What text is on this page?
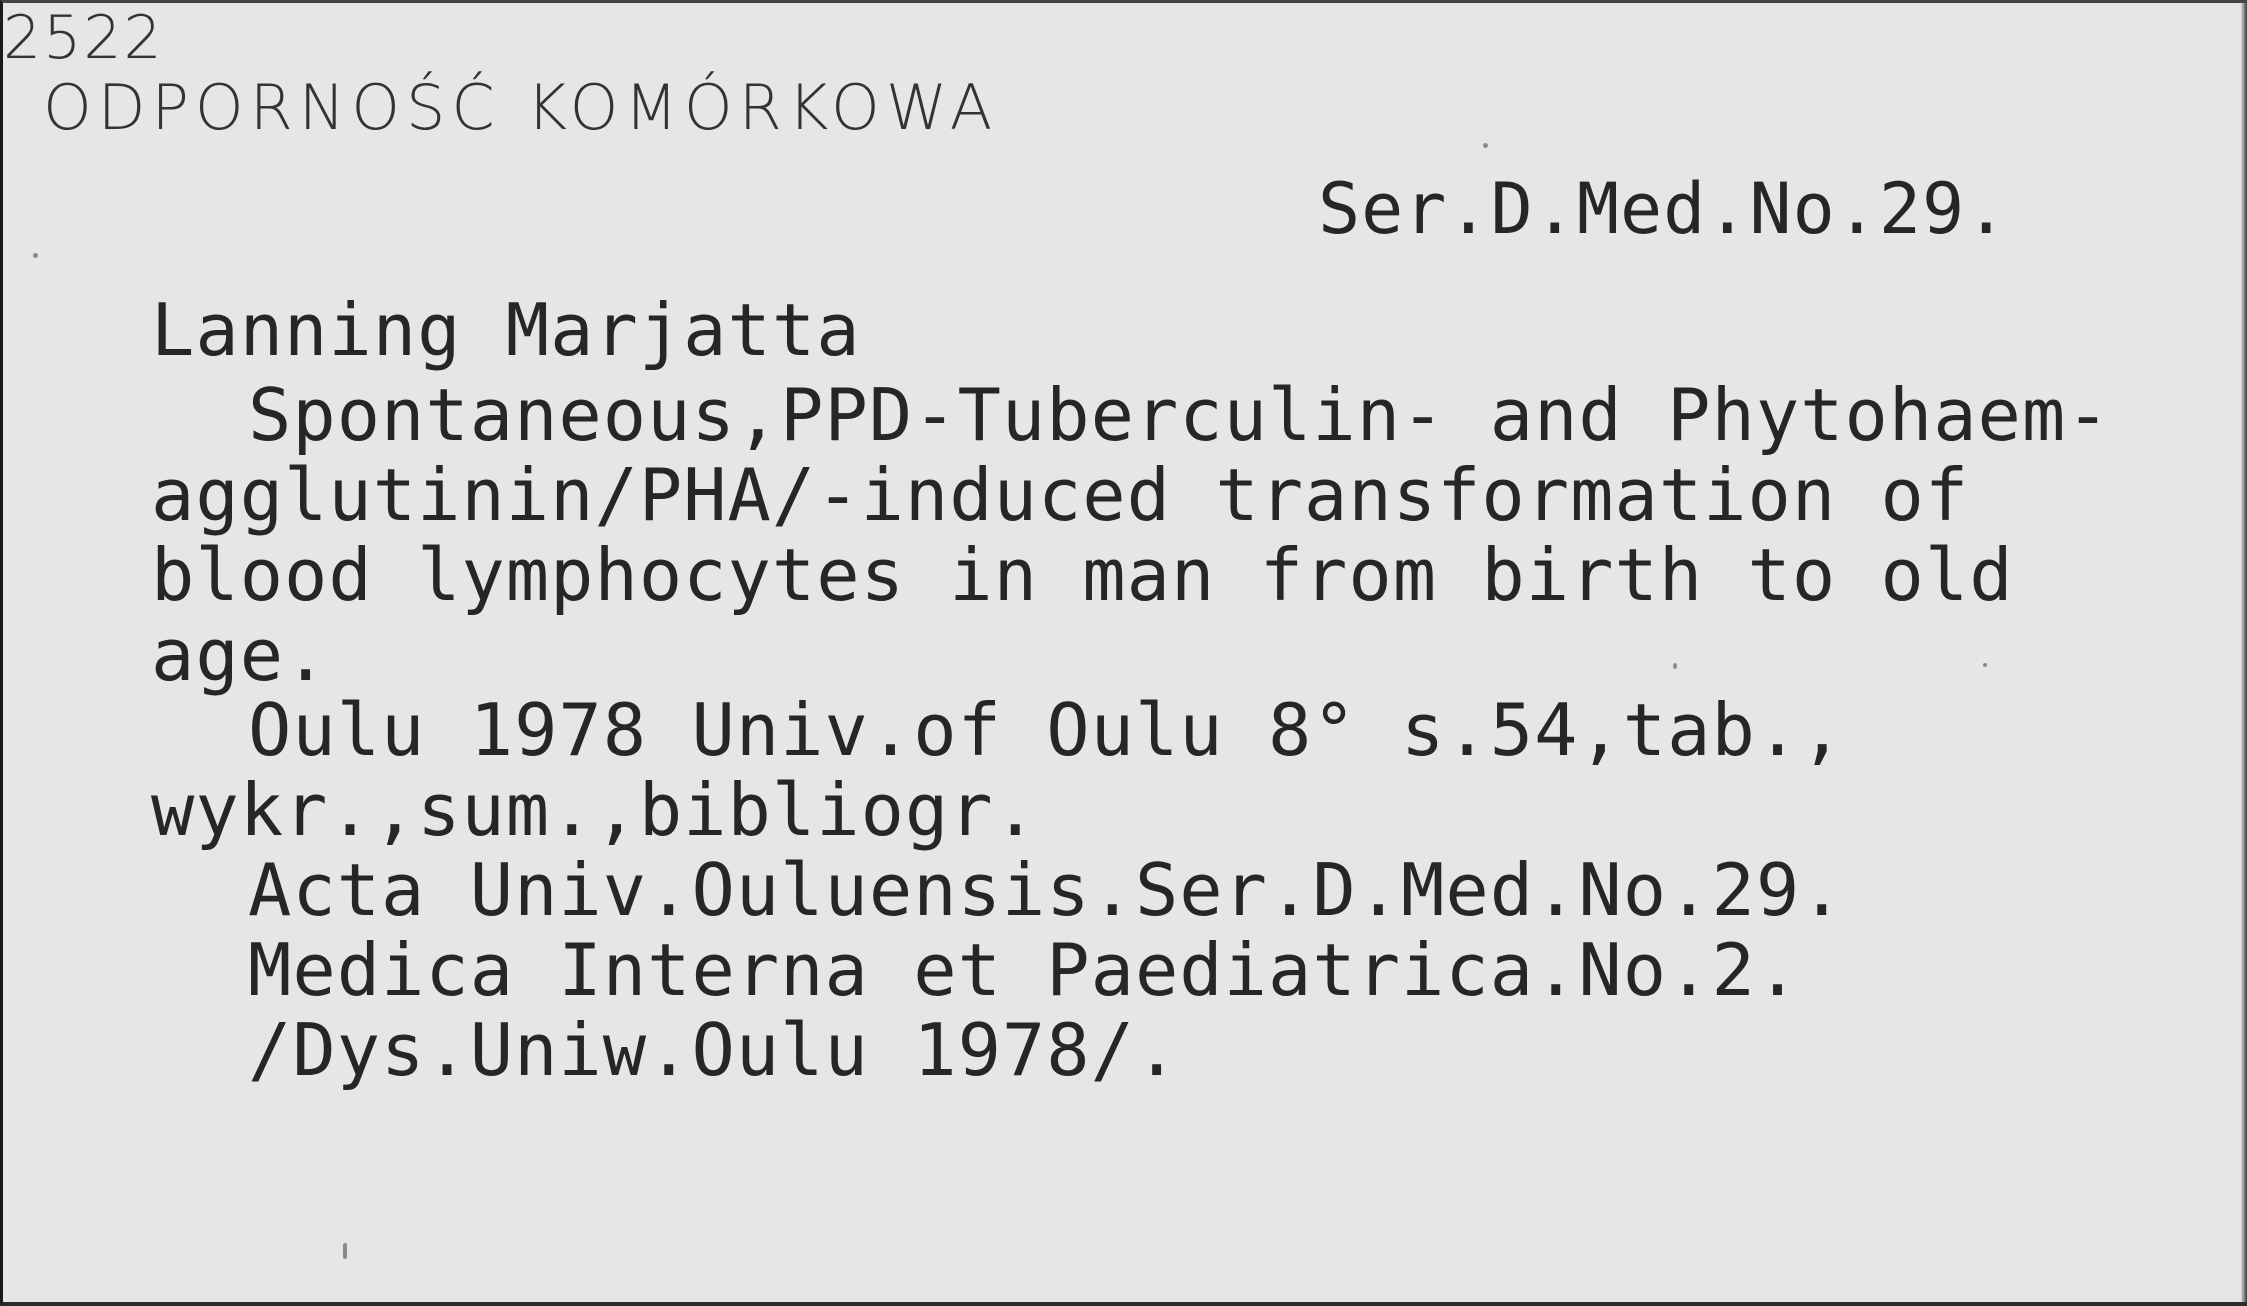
ODPORNOŚĆ KOMÓRKOWA
2522
Ser.D.Med.No.29.
Lanning Marjatta
Spontaneous,PPD-Tuberculin- and Phytohaem-
agglutinin/PHA/-induced transformation of
blood lymphocytes in man from birth to old
age.
Oulu 1978 Univ.of Oulu 8° s.54,tab.,
wykr.,sum.,bibliogr.
Acta Univ.Ouluensis.Ser.D.Med.No.29.
Medica Interna et Paediatrica.No.2.
/Dys.Uniw.Oulu 1978/.
